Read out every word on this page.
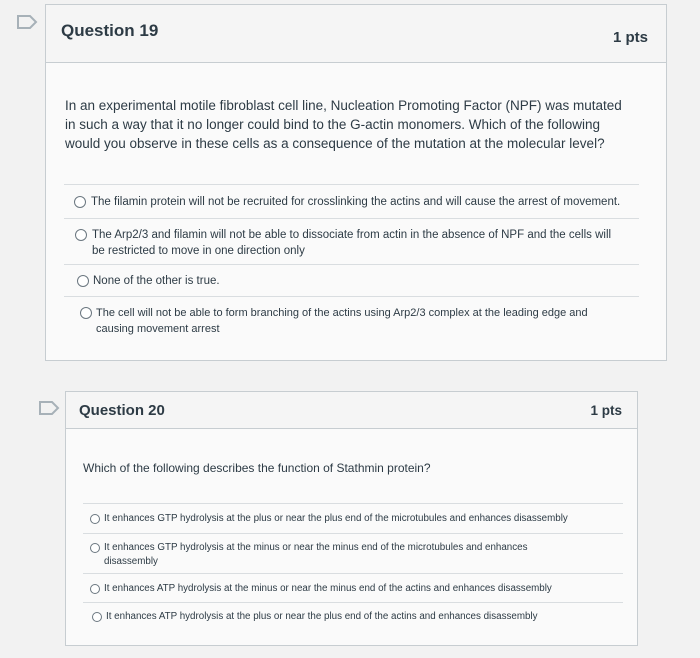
Question 19	1 pts
In an experimental motile fibroblast cell line, Nucleation Promoting Factor (NPF) was mutated in such a way that it no longer could bind to the G-actin monomers. Which of the following would you observe in these cells as a consequence of the mutation at the molecular level?
The filamin protein will not be recruited for crosslinking the actins and will cause the arrest of movement.
The Arp2/3 and filamin will not be able to dissociate from actin in the absence of NPF and the cells will be restricted to move in one direction only
None of the other is true.
The cell will not be able to form branching of the actins using Arp2/3 complex at the leading edge and causing movement arrest
Question 20	1 pts
Which of the following describes the function of Stathmin protein?
It enhances GTP hydrolysis at the plus or near the plus end of the microtubules and enhances disassembly
It enhances GTP hydrolysis at the minus or near the minus end of the microtubules and enhances disassembly
It enhances ATP hydrolysis at the minus or near the minus end of the actins and enhances disassembly
It enhances ATP hydrolysis at the plus or near the plus end of the actins and enhances disassembly
